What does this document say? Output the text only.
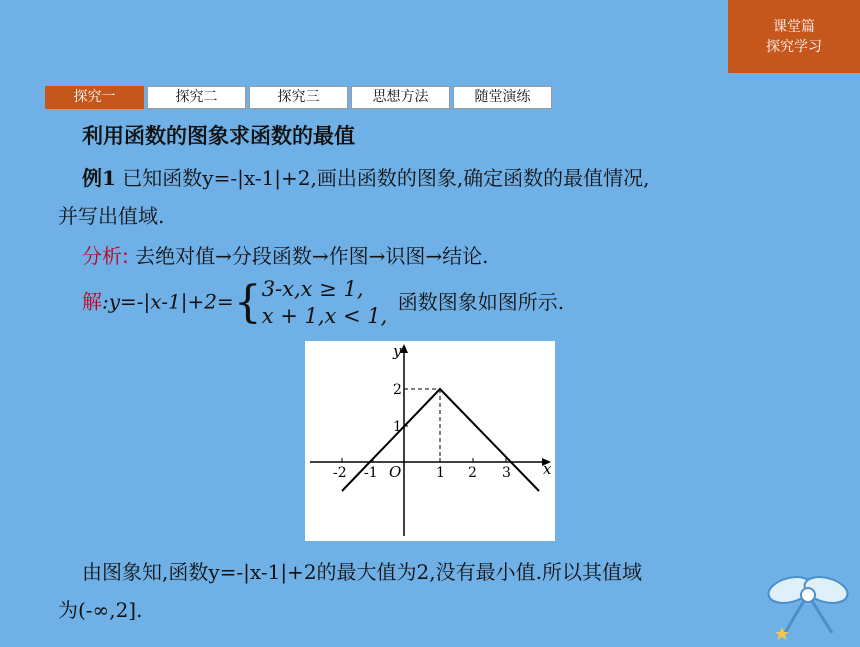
课堂篇
探究学习
探究一	探究二	探究三	思想方法	随堂演练
利用函数的图象求函数的最值
例1 已知函数y=-|x-1|+2,画出函数的图象,确定函数的最值情况,
并写出值域.
分析: 去绝对值→分段函数→作图→识图→结论.
解:y=-|x-1|+2={ 3-x,x ≥ 1,
x + 1,x < 1,
函数图象如图所示.
y
x
O
-2 -1	1 2 3
1
2
由图象知,函数y=-|x-1|+2的最大值为2,没有最小值.所以其值域
为(-∞,2].
